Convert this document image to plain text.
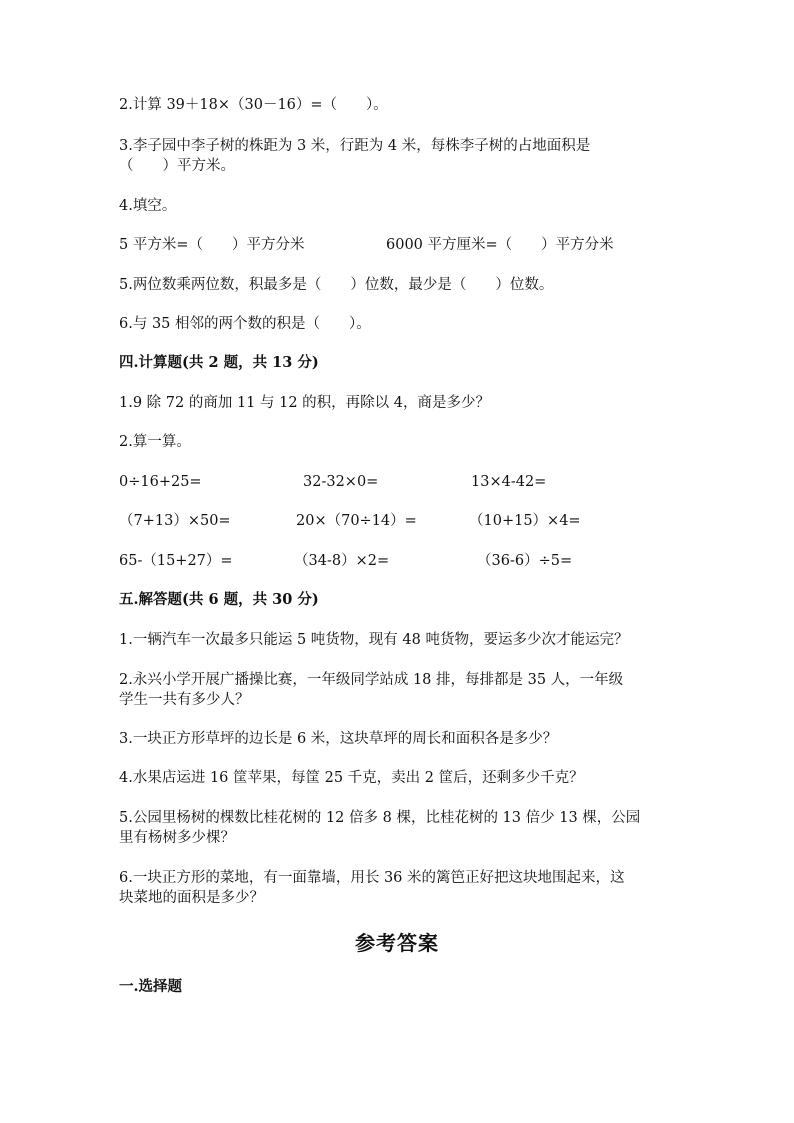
2.计算 39＋18×（30－16）=（　　）。
3.李子园中李子树的株距为 3 米，行距为 4 米，每株李子树的占地面积是
（　　）平方米。
4.填空。
5 平方米=（　　）平方分米	6000 平方厘米=（　　）平方分米
5.两位数乘两位数，积最多是（　　）位数，最少是（　　）位数。
6.与 35 相邻的两个数的积是（　　）。
四.计算题(共 2 题，共 13 分)
1.9 除 72 的商加 11 与 12 的积，再除以 4，商是多少？
2.算一算。
0÷16+25=	32-32×0=	13×4-42=
（7+13）×50=	20×（70÷14）=	（10+15）×4=
65-（15+27）=	（34-8）×2=	（36-6）÷5=
五.解答题(共 6 题，共 30 分)
1.一辆汽车一次最多只能运 5 吨货物，现有 48 吨货物，要运多少次才能运完？
2.永兴小学开展广播操比赛，一年级同学站成 18 排，每排都是 35 人，一年级
学生一共有多少人？
3.一块正方形草坪的边长是 6 米，这块草坪的周长和面积各是多少？
4.水果店运进 16 筐苹果，每筐 25 千克，卖出 2 筐后，还剩多少千克？
5.公园里杨树的棵数比桂花树的 12 倍多 8 棵，比桂花树的 13 倍少 13 棵，公园
里有杨树多少棵？
6.一块正方形的菜地，有一面靠墙，用长 36 米的篱笆正好把这块地围起来，这
块菜地的面积是多少？
参考答案
一.选择题
